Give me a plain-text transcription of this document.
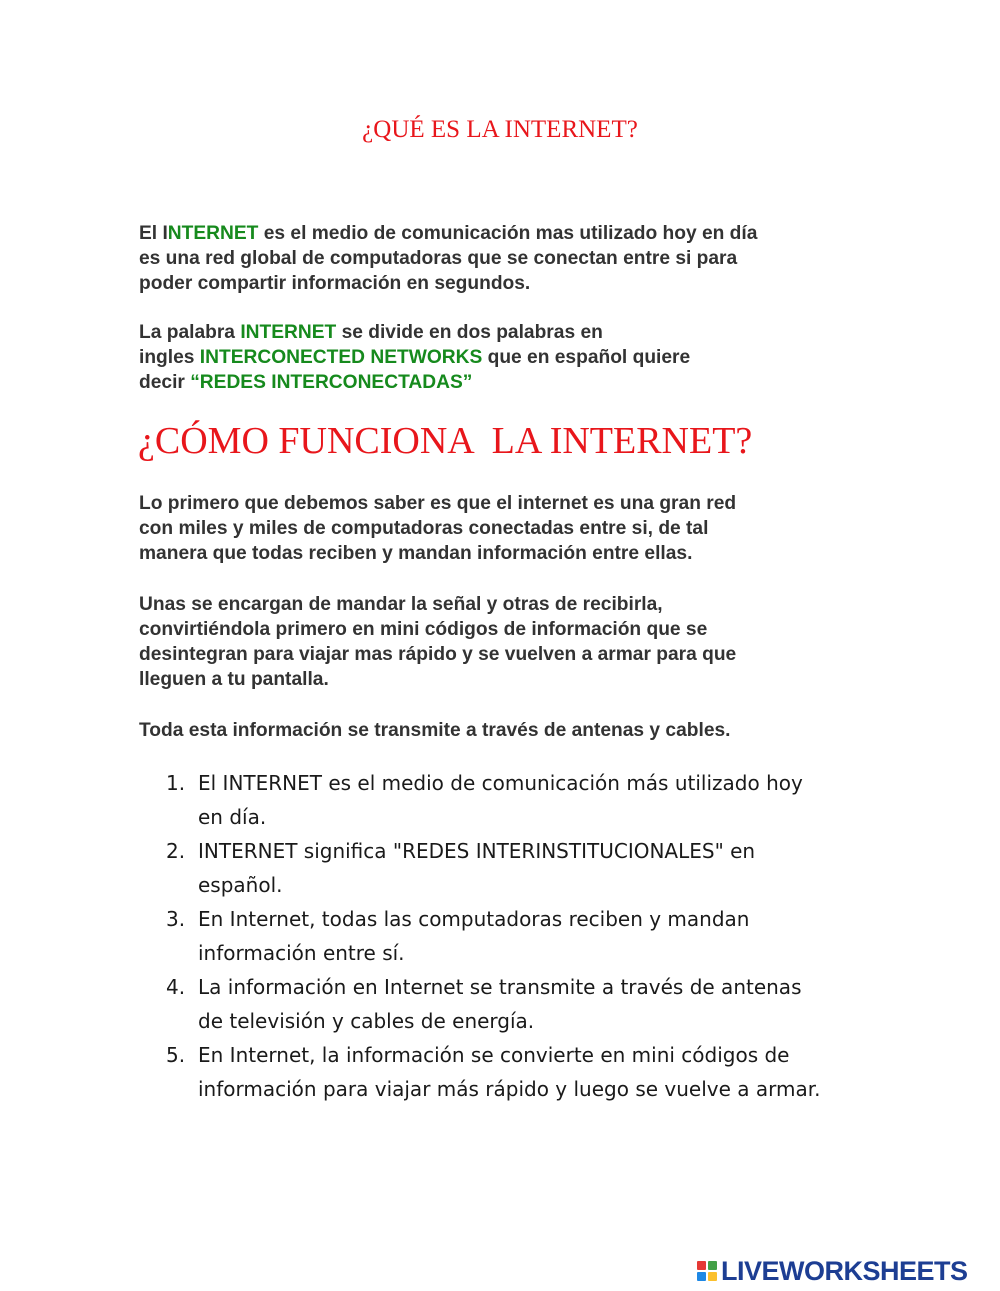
¿QUÉ ES LA INTERNET?

El INTERNET es el medio de comunicación mas utilizado hoy en día
es una red global de computadoras que se conectan entre si para
poder compartir información en segundos.

La palabra INTERNET se divide en dos palabras en
ingles INTERCONECTED NETWORKS que en español quiere
decir “REDES INTERCONECTADAS”

¿CÓMO FUNCIONA  LA INTERNET?

Lo primero que debemos saber es que el internet es una gran red
con miles y miles de computadoras conectadas entre si, de tal
manera que todas reciben y mandan información entre ellas.

Unas se encargan de mandar la señal y otras de recibirla,
convirtiéndola primero en mini códigos de información que se
desintegran para viajar mas rápido y se vuelven a armar para que
lleguen a tu pantalla.

Toda esta información se transmite a través de antenas y cables.

1. El INTERNET es el medio de comunicación más utilizado hoy
en día.
2. INTERNET significa "REDES INTERINSTITUCIONALES" en
español.
3. En Internet, todas las computadoras reciben y mandan
información entre sí.
4. La información en Internet se transmite a través de antenas
de televisión y cables de energía.
5. En Internet, la información se convierte en mini códigos de
información para viajar más rápido y luego se vuelve a armar.
LIVEWORKSHEETS
